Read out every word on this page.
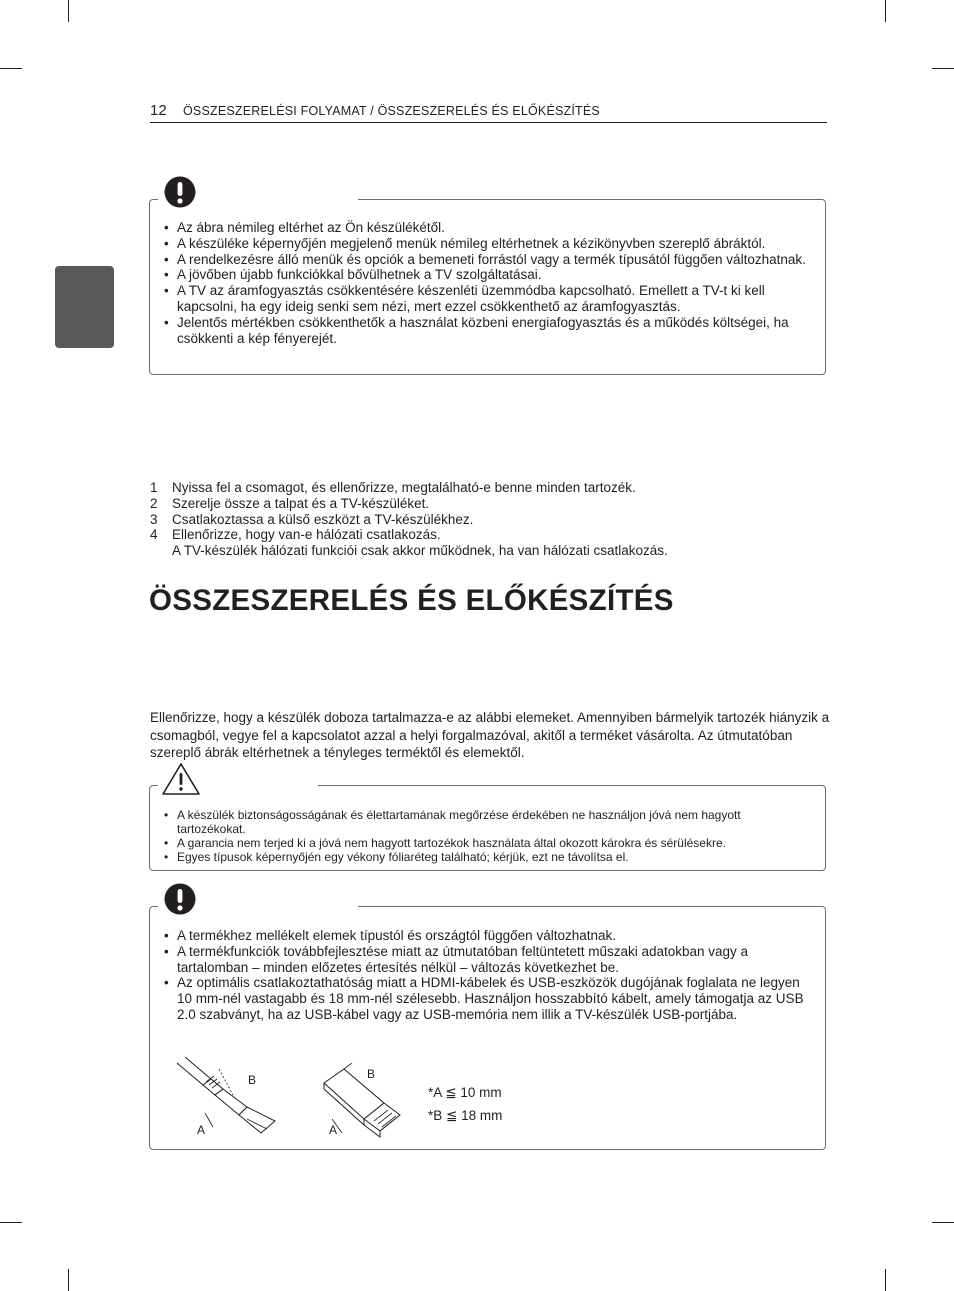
12 ÖSSZESZERELÉSI FOLYAMAT / ÖSSZESZERELÉS ÉS ELŐKÉSZÍTÉS
• Az ábra némileg eltérhet az Ön készülékétől.
• A készüléke képernyőjén megjelenő menük némileg eltérhetnek a kézikönyvben szereplő ábráktól.
• A rendelkezésre álló menük és opciók a bemeneti forrástól vagy a termék típusától függően változhatnak.
• A jövőben újabb funkciókkal bővülhetnek a TV szolgáltatásai.
• A TV az áramfogyasztás csökkentésére készenléti üzemmódba kapcsolható. Emellett a TV-t ki kell kapcsolni, ha egy ideig senki sem nézi, mert ezzel csökkenthető az áramfogyasztás.
• Jelentős mértékben csökkenthetők a használat közbeni energiafogyasztás és a működés költségei, ha csökkenti a kép fényerejét.
1 Nyissa fel a csomagot, és ellenőrizze, megtalálható-e benne minden tartozék.
2 Szerelje össze a talpat és a TV-készüléket.
3 Csatlakoztassa a külső eszközt a TV-készülékhez.
4 Ellenőrizze, hogy van-e hálózati csatlakozás.
A TV-készülék hálózati funkciói csak akkor működnek, ha van hálózati csatlakozás.
ÖSSZESZERELÉS ÉS ELŐKÉSZÍTÉS

Ellenőrizze, hogy a készülék doboza tartalmazza-e az alábbi elemeket. Amennyiben bármelyik tartozék hiányzik a csomagból, vegye fel a kapcsolatot azzal a helyi forgalmazóval, akitől a terméket vásárolta. Az útmutatóban szereplő ábrák eltérhetnek a tényleges terméktől és elemektől.

• A készülék biztonságosságának és élettartamának megőrzése érdekében ne használjon jóvá nem hagyott tartozékokat.
• A garancia nem terjed ki a jóvá nem hagyott tartozékok használata által okozott károkra és sérülésekre.
• Egyes típusok képernyőjén egy vékony fóliaréteg található; kérjük, ezt ne távolítsa el.
• A termékhez mellékelt elemek típustól és országtól függően változhatnak.
• A termékfunkciók továbbfejlesztése miatt az útmutatóban feltüntetett műszaki adatokban vagy a tartalomban – minden előzetes értesítés nélkül – változás következhet be.
• Az optimális csatlakoztathatóság miatt a HDMI-kábelek és USB-eszközök dugójának foglalata ne legyen 10 mm-nél vastagabb és 18 mm-nél szélesebb. Használjon hosszabbító kábelt, amely támogatja az USB 2.0 szabványt, ha az USB-kábel vagy az USB-memória nem illik a TV-készülék USB-portjába.
A
B
A
B
*A ≦ 10 mm
*B ≦ 18 mm
